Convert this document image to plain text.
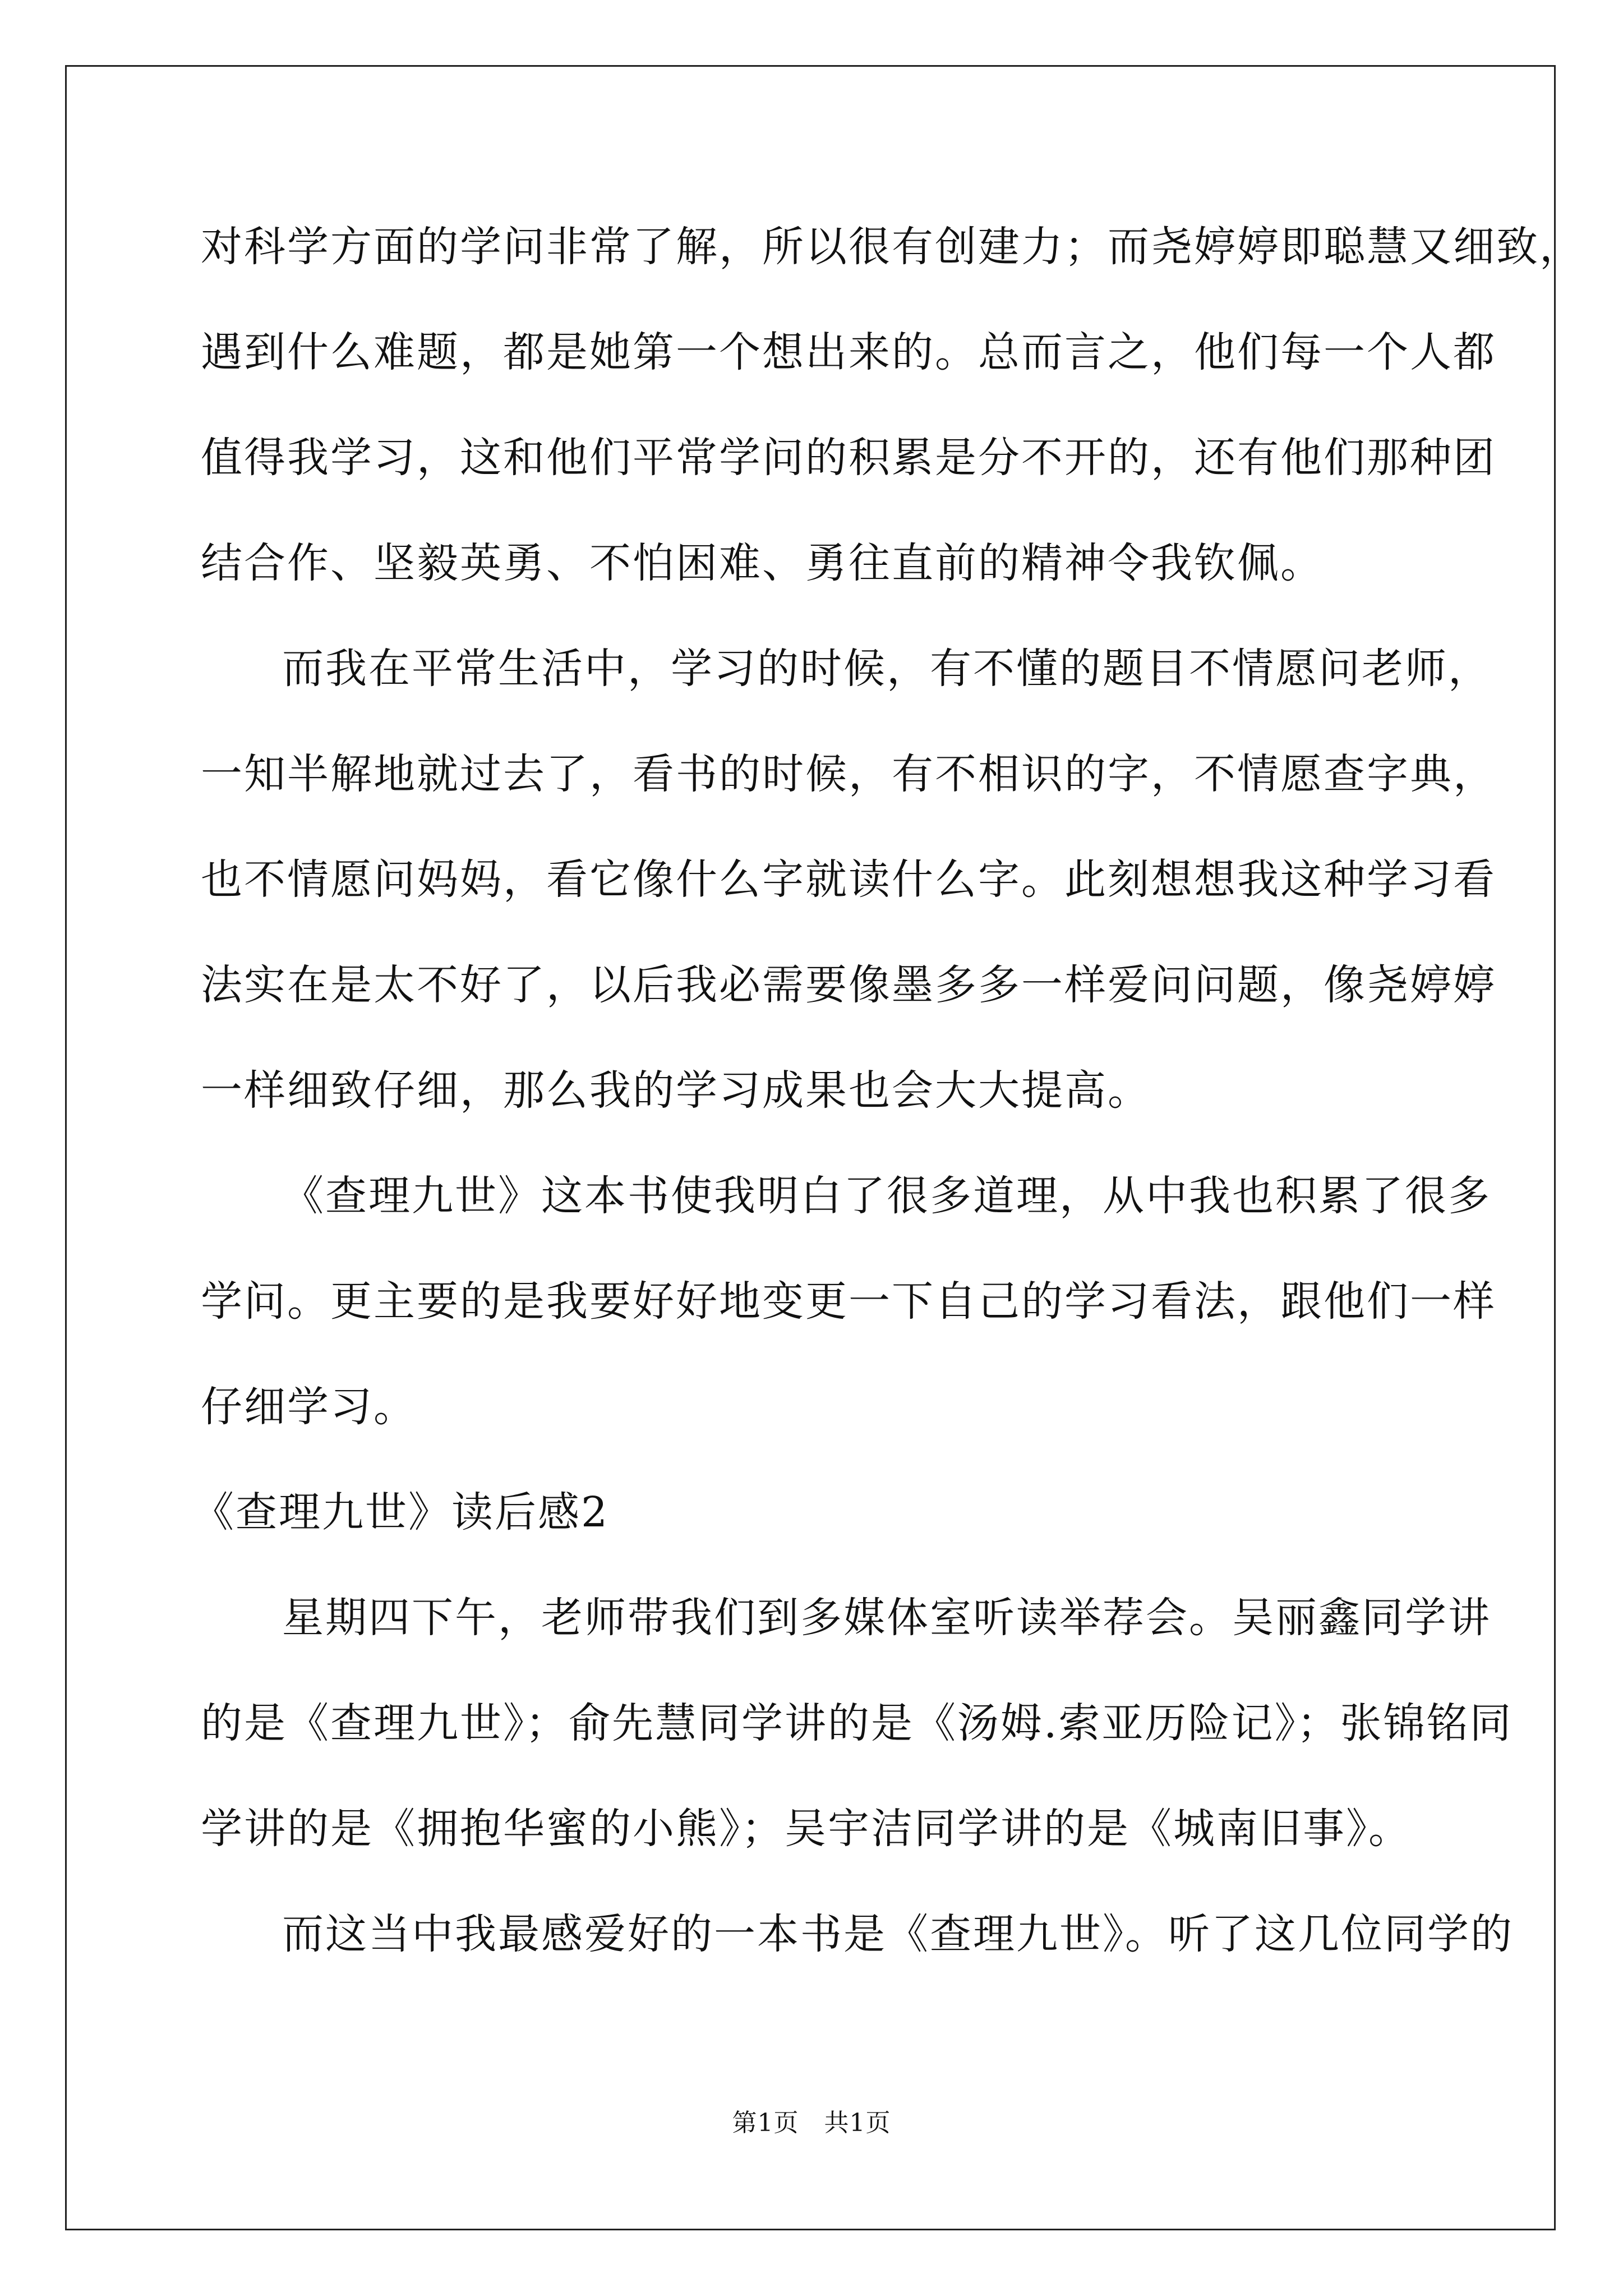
对科学方面的学问非常了解，所以很有创建力；而尧婷婷即聪慧又细致，
遇到什么难题，都是她第一个想出来的。总而言之，他们每一个人都
值得我学习，这和他们平常学问的积累是分不开的，还有他们那种团
结合作、坚毅英勇、不怕困难、勇往直前的精神令我钦佩。
而我在平常生活中，学习的时候，有不懂的题目不情愿问老师，
一知半解地就过去了，看书的时候，有不相识的字，不情愿查字典，
也不情愿问妈妈，看它像什么字就读什么字。此刻想想我这种学习看
法实在是太不好了，以后我必需要像墨多多一样爱问问题，像尧婷婷
一样细致仔细，那么我的学习成果也会大大提高。
《查理九世》这本书使我明白了很多道理，从中我也积累了很多
学问。更主要的是我要好好地变更一下自己的学习看法，跟他们一样
仔细学习。
《查理九世》读后感2
星期四下午，老师带我们到多媒体室听读举荐会。吴丽鑫同学讲
的是《查理九世》；俞先慧同学讲的是《汤姆.索亚历险记》；张锦铭同
学讲的是《拥抱华蜜的小熊》；吴宇洁同学讲的是《城南旧事》。
而这当中我最感爱好的一本书是《查理九世》。听了这几位同学的
第1页　共1页
